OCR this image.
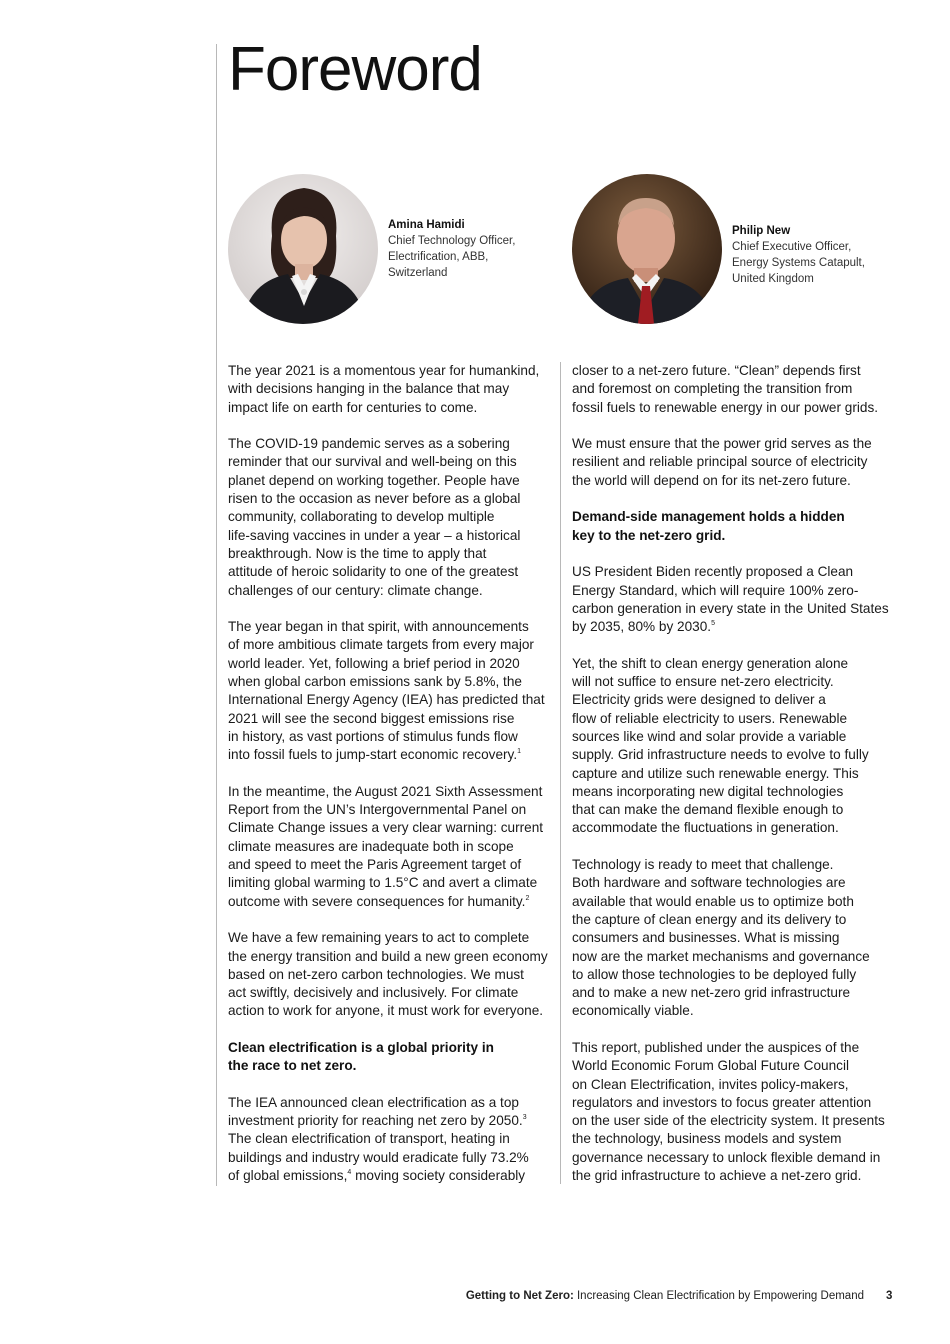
Foreword
Amina Hamidi
Chief Technology Officer,
Electrification, ABB,
Switzerland
Philip New
Chief Executive Officer,
Energy Systems Catapult,
United Kingdom

The year 2021 is a momentous year for humankind,
with decisions hanging in the balance that may
impact life on earth for centuries to come.

The COVID-19 pandemic serves as a sobering
reminder that our survival and well-being on this
planet depend on working together. People have
risen to the occasion as never before as a global
community, collaborating to develop multiple
life-saving vaccines in under a year – a historical
breakthrough. Now is the time to apply that
attitude of heroic solidarity to one of the greatest
challenges of our century: climate change.

The year began in that spirit, with announcements
of more ambitious climate targets from every major
world leader. Yet, following a brief period in 2020
when global carbon emissions sank by 5.8%, the
International Energy Agency (IEA) has predicted that
2021 will see the second biggest emissions rise
in history, as vast portions of stimulus funds flow
into fossil fuels to jump-start economic recovery.$^1$

In the meantime, the August 2021 Sixth Assessment
Report from the UN’s Intergovernmental Panel on
Climate Change issues a very clear warning: current
climate measures are inadequate both in scope
and speed to meet the Paris Agreement target of
limiting global warming to 1.5°C and avert a climate
outcome with severe consequences for humanity.$^2$

We have a few remaining years to act to complete
the energy transition and build a new green economy
based on net-zero carbon technologies. We must
act swiftly, decisively and inclusively. For climate
action to work for anyone, it must work for everyone.

Clean electrification is a global priority in
the race to net zero.

The IEA announced clean electrification as a top
investment priority for reaching net zero by 2050.$^3$
The clean electrification of transport, heating in
buildings and industry would eradicate fully 73.2%
of global emissions,$^4$ moving society considerably

closer to a net-zero future. “Clean” depends first
and foremost on completing the transition from
fossil fuels to renewable energy in our power grids.

We must ensure that the power grid serves as the
resilient and reliable principal source of electricity
the world will depend on for its net-zero future.

Demand-side management holds a hidden
key to the net-zero grid.

US President Biden recently proposed a Clean
Energy Standard, which will require 100% zero-
carbon generation in every state in the United States
by 2035, 80% by 2030.$^5$

Yet, the shift to clean energy generation alone
will not suffice to ensure net-zero electricity.
Electricity grids were designed to deliver a
flow of reliable electricity to users. Renewable
sources like wind and solar provide a variable
supply. Grid infrastructure needs to evolve to fully
capture and utilize such renewable energy. This
means incorporating new digital technologies
that can make the demand flexible enough to
accommodate the fluctuations in generation.

Technology is ready to meet that challenge.
Both hardware and software technologies are
available that would enable us to optimize both
the capture of clean energy and its delivery to
consumers and businesses. What is missing
now are the market mechanisms and governance
to allow those technologies to be deployed fully
and to make a new net-zero grid infrastructure
economically viable.

This report, published under the auspices of the
World Economic Forum Global Future Council
on Clean Electrification, invites policy-makers,
regulators and investors to focus greater attention
on the user side of the electricity system. It presents
the technology, business models and system
governance necessary to unlock flexible demand in
the grid infrastructure to achieve a net-zero grid.

Getting to Net Zero: Increasing Clean Electrification by Empowering Demand 3
